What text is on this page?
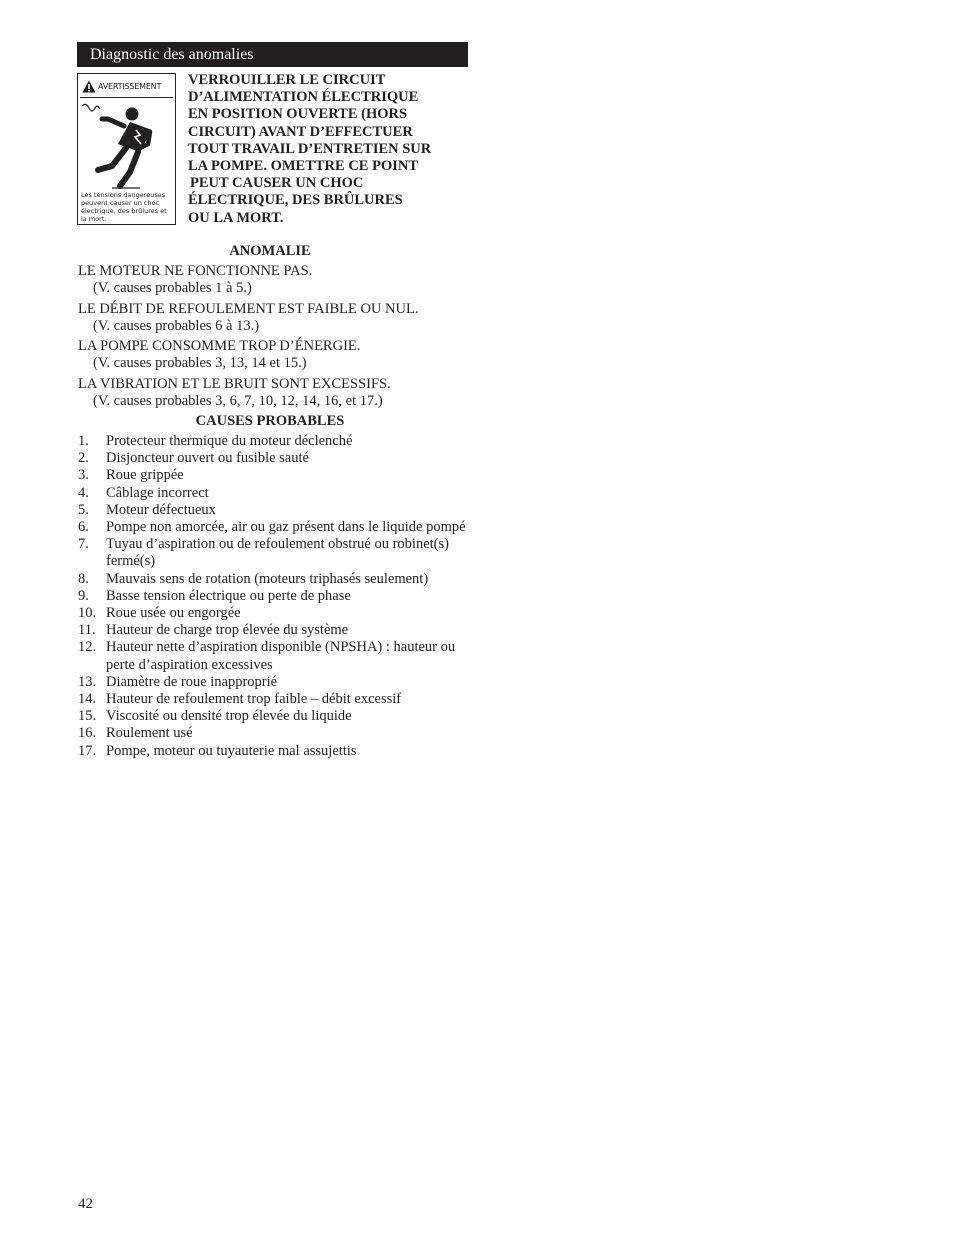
Diagnostic des anomalies
AVERTISSEMENT
Les tensions dangereuses peuvent causer un choc électrique, des brûlures et la mort.
VERROUILLER LE CIRCUIT
D’ALIMENTATION ÉLECTRIQUE
EN POSITION OUVERTE (HORS
CIRCUIT) AVANT D’EFFECTUER
TOUT TRAVAIL D’ENTRETIEN SUR
LA POMPE. OMETTRE CE POINT
PEUT CAUSER UN CHOC
ÉLECTRIQUE, DES BRÛLURES
OU LA MORT.
ANOMALIE
LE MOTEUR NE FONCTIONNE PAS.
(V. causes probables 1 à 5.)
LE DÉBIT DE REFOULEMENT EST FAIBLE OU NUL.
(V. causes probables 6 à 13.)
LA POMPE CONSOMME TROP D’ÉNERGIE.
(V. causes probables 3, 13, 14 et 15.)
LA VIBRATION ET LE BRUIT SONT EXCESSIFS.
(V. causes probables 3, 6, 7, 10, 12, 14, 16, et 17.)
CAUSES PROBABLES
1.	Protecteur thermique du moteur déclenché
2.	Disjoncteur ouvert ou fusible sauté
3.	Roue grippée
4.	Câblage incorrect
5.	Moteur défectueux
6.	Pompe non amorcée, air ou gaz présent dans le liquide pompé
7.	Tuyau d’aspiration ou de refoulement obstrué ou robinet(s) fermé(s)
8.	Mauvais sens de rotation (moteurs triphasés seulement)
9.	Basse tension électrique ou perte de phase
10. Roue usée ou engorgée
11. Hauteur de charge trop élevée du système
12. Hauteur nette d’aspiration disponible (NPSHA) : hauteur ou perte d’aspiration excessives
13. Diamètre de roue inapproprié
14. Hauteur de refoulement trop faible – débit excessif
15. Viscosité ou densité trop élevée du liquide
16. Roulement usé
17. Pompe, moteur ou tuyauterie mal assujettis
42
